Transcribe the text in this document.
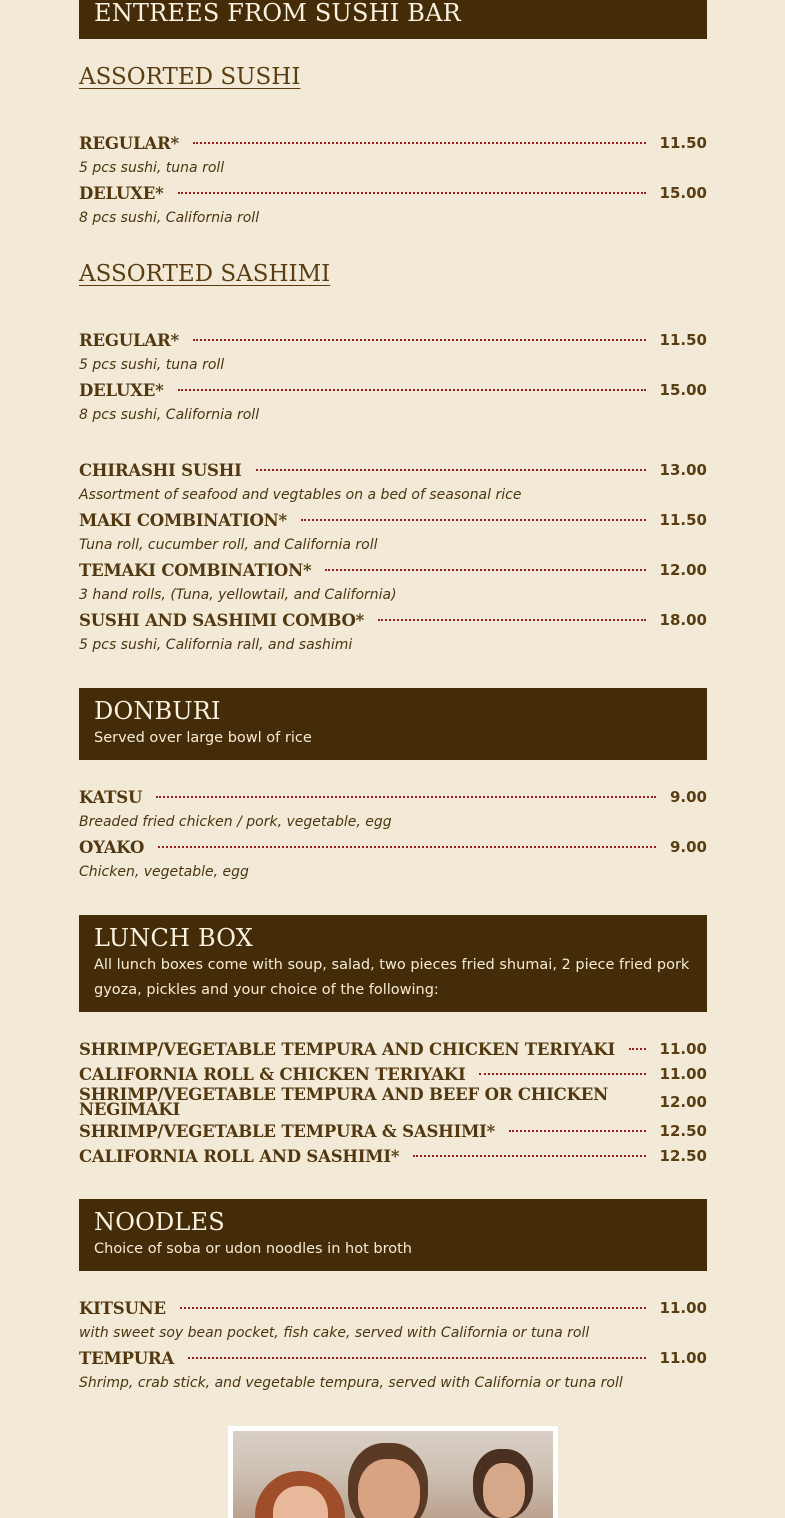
ENTREES FROM SUSHI BAR
ASSORTED SUSHI
REGULAR*	11.50
5 pcs sushi, tuna roll
DELUXE*	15.00
8 pcs sushi, California roll
ASSORTED SASHIMI
REGULAR*	11.50
5 pcs sushi, tuna roll
DELUXE*	15.00
8 pcs sushi, California roll
CHIRASHI SUSHI	13.00
Assortment of seafood and vegtables on a bed of seasonal rice
MAKI COMBINATION*	11.50
Tuna roll, cucumber roll, and California roll
TEMAKI COMBINATION*	12.00
3 hand rolls, (Tuna, yellowtail, and California)
SUSHI AND SASHIMI COMBO*	18.00
5 pcs sushi, California rall, and sashimi
DONBURI
Served over large bowl of rice
KATSU	9.00
Breaded fried chicken / pork, vegetable, egg
OYAKO	9.00
Chicken, vegetable, egg
LUNCH BOX
All lunch boxes come with soup, salad, two pieces fried shumai, 2 piece fried pork
gyoza, pickles and your choice of the following:
SHRIMP/VEGETABLE TEMPURA AND CHICKEN TERIYAKI	11.00
CALIFORNIA ROLL & CHICKEN TERIYAKI	11.00
SHRIMP/VEGETABLE TEMPURA AND BEEF OR CHICKEN
NEGIMAKI	12.00
SHRIMP/VEGETABLE TEMPURA & SASHIMI*	12.50
CALIFORNIA ROLL AND SASHIMI*	12.50
NOODLES
Choice of soba or udon noodles in hot broth
KITSUNE	11.00
with sweet soy bean pocket, fish cake, served with California or tuna roll
TEMPURA	11.00
Shrimp, crab stick, and vegetable tempura, served with California or tuna roll
